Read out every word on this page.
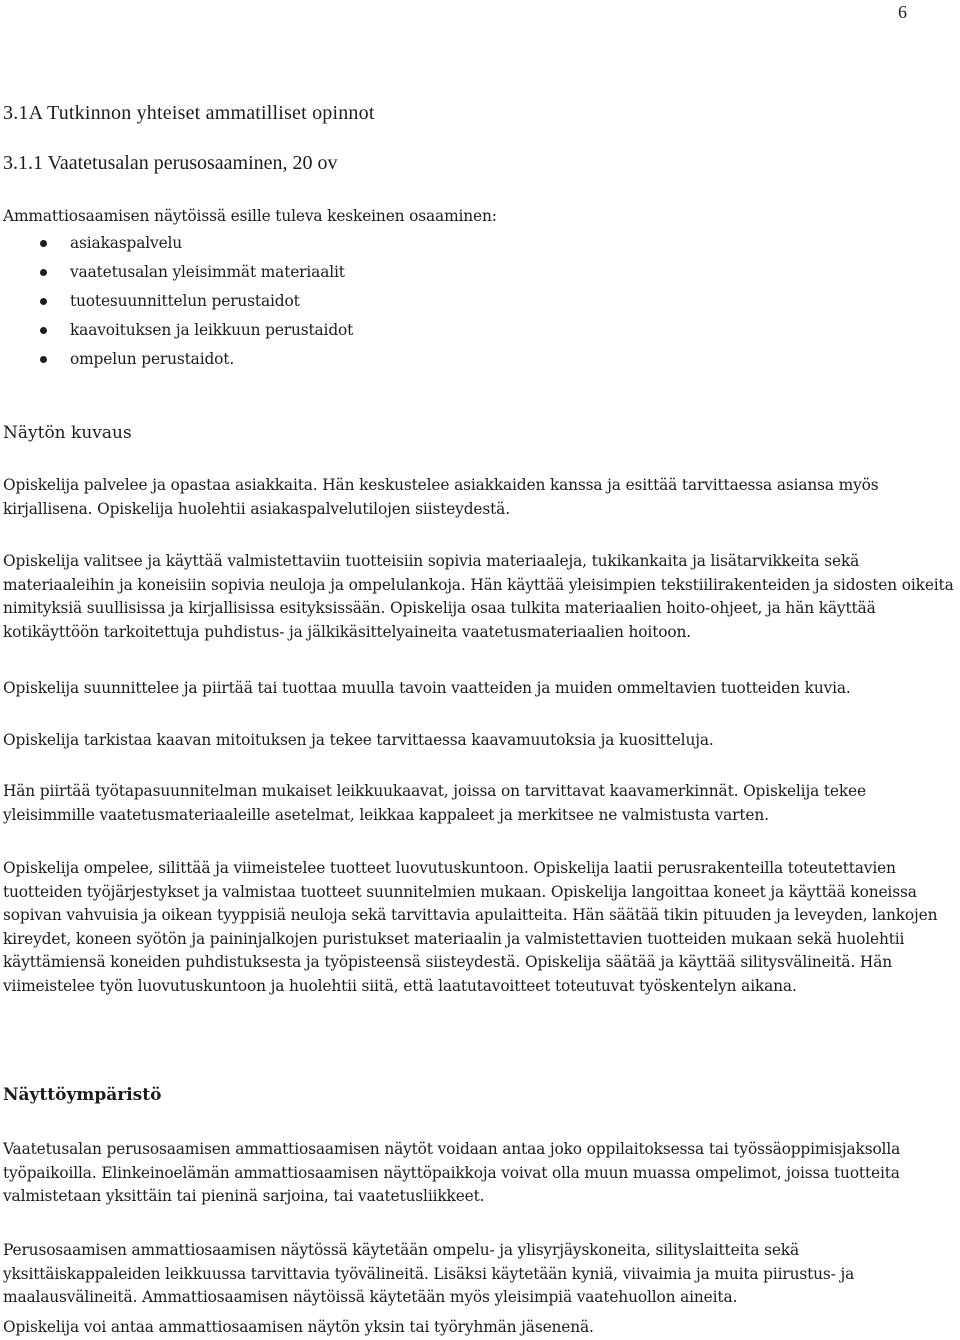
6
3.1A Tutkinnon yhteiset ammatilliset opinnot
3.1.1 Vaatetusalan perusosaaminen, 20 ov

Ammattiosaamisen näytöissä esille tuleva keskeinen osaaminen:

asiakaspalvelu
vaatetusalan yleisimmät materiaalit
tuotesuunnittelun perustaidot
kaavoituksen ja leikkuun perustaidot
ompelun perustaidot.
Näytön kuvaus

Opiskelija palvelee ja opastaa asiakkaita. Hän keskustelee asiakkaiden kanssa ja esittää tarvittaessa asiansa myös kirjallisena. Opiskelija huolehtii asiakaspalvelutilojen siisteydestä.

Opiskelija valitsee ja käyttää valmistettaviin tuotteisiin sopivia materiaaleja, tukikankaita ja lisätarvikkeita sekä materiaaleihin ja koneisiin sopivia neuloja ja ompelulankoja. Hän käyttää yleisimpien tekstiilirakenteiden ja sidosten oikeita nimityksiä suullisissa ja kirjallisissa esityksissään. Opiskelija osaa tulkita materiaalien hoito-ohjeet, ja hän käyttää kotikäyttöön tarkoitettuja puhdistus- ja jälkikäsittelyaineita vaatetusmateriaalien hoitoon.

Opiskelija suunnittelee ja piirtää tai tuottaa muulla tavoin vaatteiden ja muiden ommeltavien tuotteiden kuvia.

Opiskelija tarkistaa kaavan mitoituksen ja tekee tarvittaessa kaavamuutoksia ja kuositteluja.

Hän piirtää työtapasuunnitelman mukaiset leikkuukaavat, joissa on tarvittavat kaavamerkinnät. Opiskelija tekee yleisimmille vaatetusmateriaaleille asetelmat, leikkaa kappaleet ja merkitsee ne valmistusta varten.

Opiskelija ompelee, silittää ja viimeistelee tuotteet luovutuskuntoon. Opiskelija laatii perusrakenteilla toteutettavien tuotteiden työjärjestykset ja valmistaa tuotteet suunnitelmien mukaan. Opiskelija langoittaa koneet ja käyttää koneissa sopivan vahvuisia ja oikean tyyppisiä neuloja sekä tarvittavia apulaitteita. Hän säätää tikin pituuden ja leveyden, lankojen kireydet, koneen syötön ja paininjalkojen puristukset materiaalin ja valmistettavien tuotteiden mukaan sekä huolehtii käyttämiensä koneiden puhdistuksesta ja työpisteensä siisteydestä. Opiskelija säätää ja käyttää silitysvälineitä. Hän viimeistelee työn luovutuskuntoon ja huolehtii siitä, että laatutavoitteet toteutuvat työskentelyn aikana.

Näyttöympäristö

Vaatetusalan perusosaamisen ammattiosaamisen näytöt voidaan antaa joko oppilaitoksessa tai työssäoppimisjaksolla työpaikoilla. Elinkeinoelämän ammattiosaamisen näyttöpaikkoja voivat olla muun muassa ompelimot, joissa tuotteita valmistetaan yksittäin tai pieninä sarjoina, tai vaatetusliikkeet.

Perusosaamisen ammattiosaamisen näytössä käytetään ompelu- ja ylisyrjäyskoneita, silityslaitteita sekä yksittäiskappaleiden leikkuussa tarvittavia työvälineitä. Lisäksi käytetään kyniä, viivaimia ja muita piirustus- ja maalausvälineitä. Ammattiosaamisen näytöissä käytetään myös yleisimpiä vaatehuollon aineita.

Opiskelija voi antaa ammattiosaamisen näytön yksin tai työryhmän jäsenenä.
